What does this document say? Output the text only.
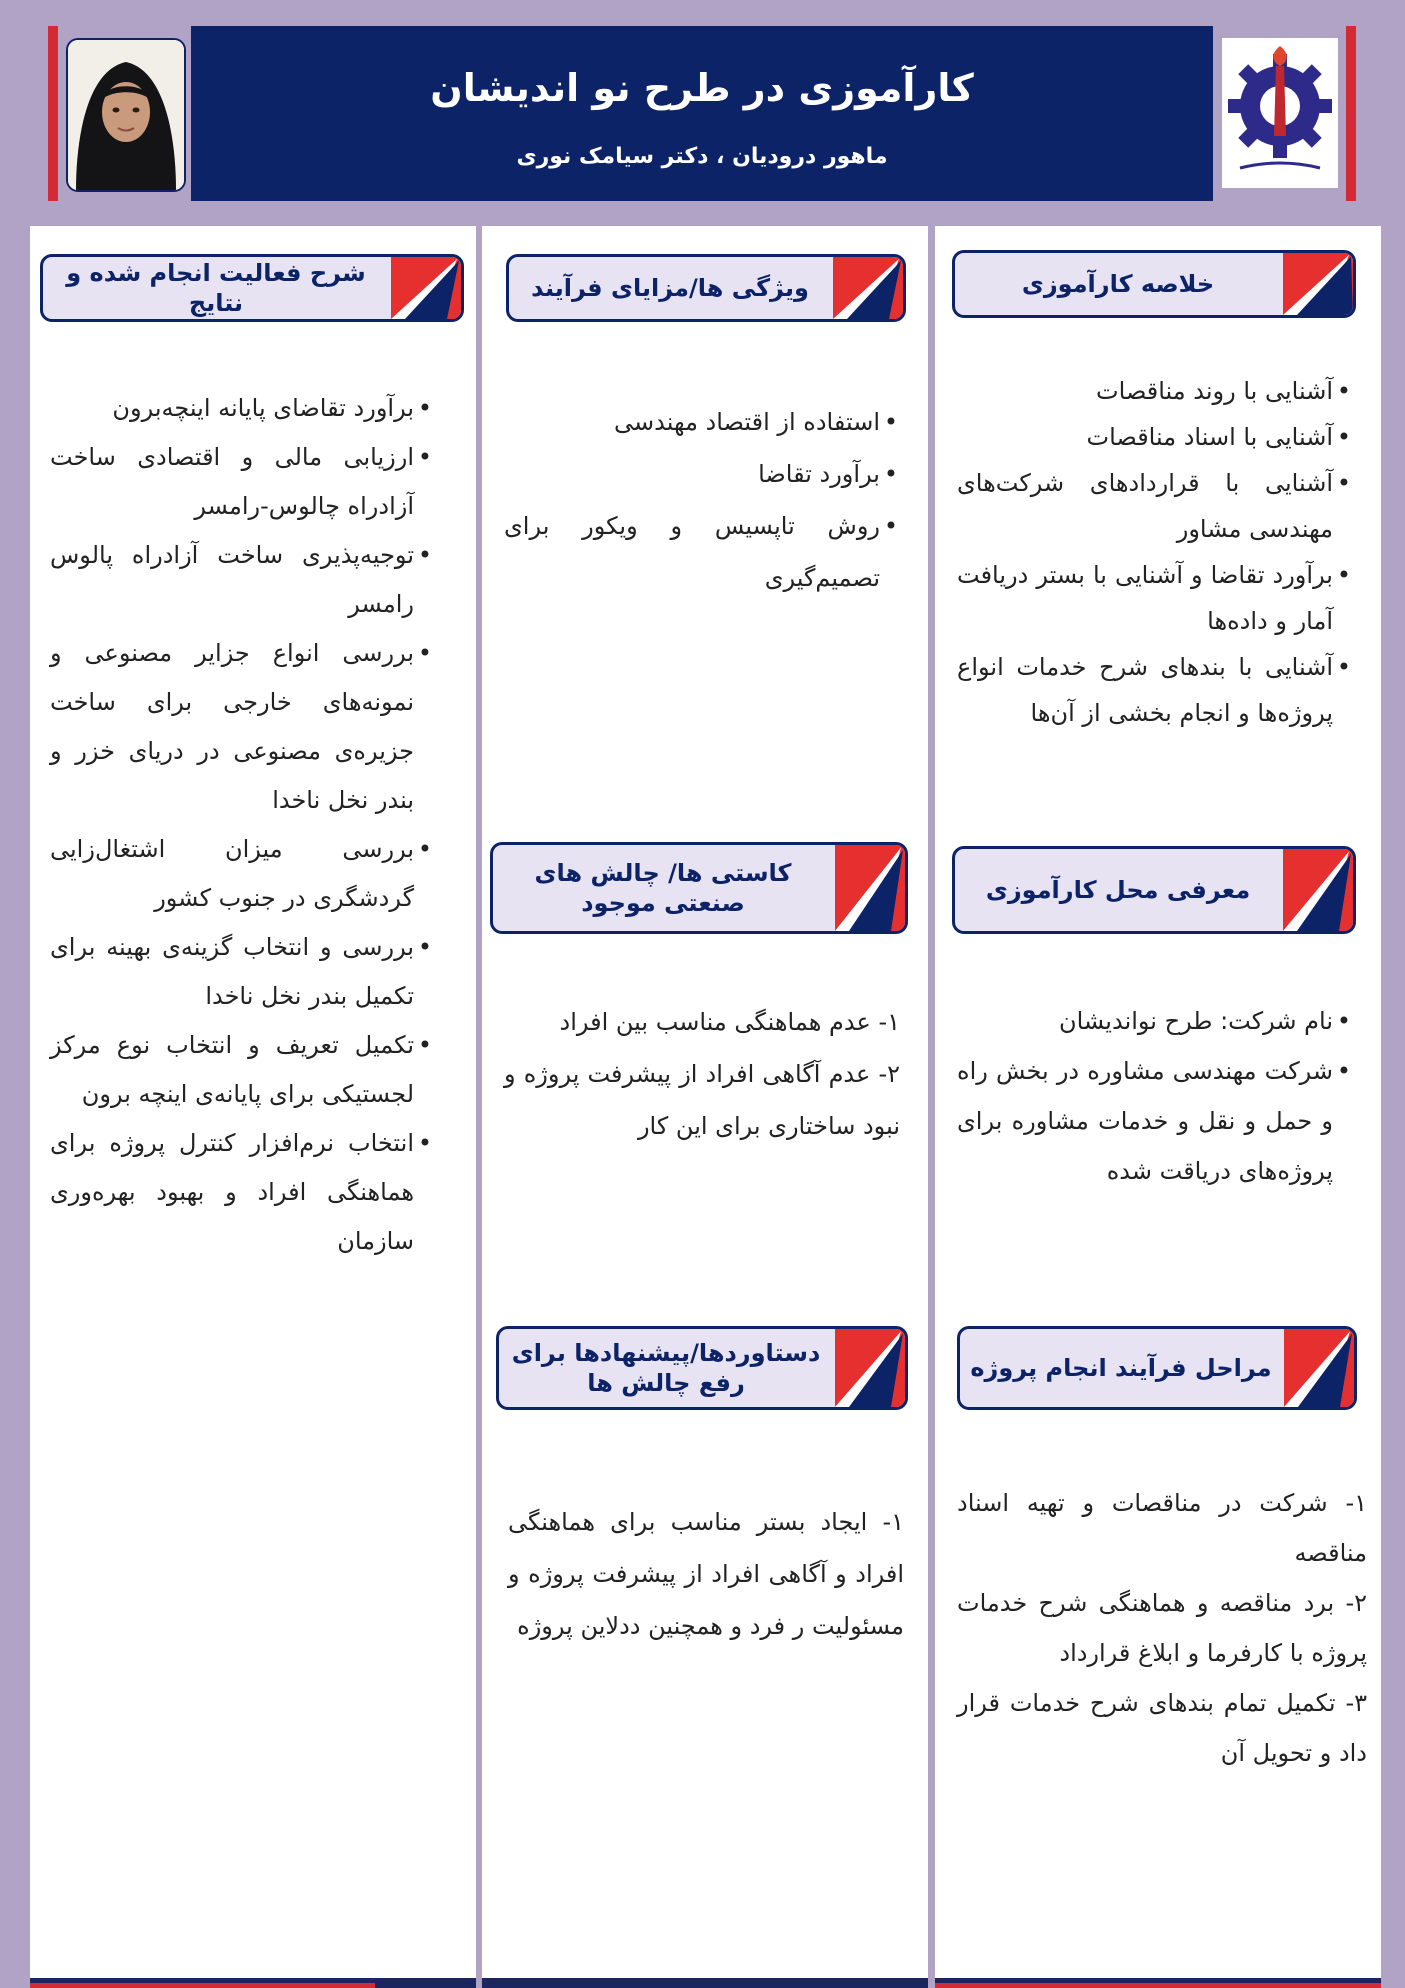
کارآموزی در طرح نو اندیشان
ماهور درودیان ، دکتر سیامک نوری
خلاصه کارآموزی
• آشنایی با روند مناقصات
• آشنایی با اسناد مناقصات
• آشنایی با قراردادهای شرکت‌های مهندسی مشاور
• برآورد تقاضا و آشنایی با بستر دریافت آمار و داده‌ها
• آشنایی با بندهای شرح خدمات انواع پروژه‌ها و انجام بخشی از آن‌ها
معرفی محل کارآموزی
• نام شرکت: طرح نواندیشان
• شرکت مهندسی مشاوره در بخش راه و حمل و نقل و خدمات مشاوره برای پروژه‌های دریاقت شده
مراحل فرآیند انجام پروژه

۱- شرکت در مناقصات و تهیه اسناد مناقصه

۲- برد مناقصه و هماهنگی شرح خدمات پروژه با کارفرما و ابلاغ قرارداد

۳- تکمیل تمام بندهای شرح خدمات قرار داد و تحویل آن

ویژگی ها/مزایای فرآیند
• استفاده از اقتصاد مهندسی
• برآورد تقاضا
• روش تاپسیس و ویکور برای تصمیم‌گیری
کاستی ها/ چالش های صنعتی موجود

۱- عدم هماهنگی مناسب بین افراد

۲- عدم آگاهی افراد از پیشرفت پروژه و نبود ساختاری برای این کار

دستاوردها/پیشنهادها برای رفع چالش ها

۱- ایجاد بستر مناسب برای هماهنگی افراد و آگاهی افراد از پیشرفت پروژه و مسئولیت ر فرد و همچنین ددلاین پروژه

شرح فعالیت انجام شده و نتایج
• برآورد تقاضای پایانه اینچه‌برون
• ارزیابی مالی و اقتصادی ساخت آزادراه چالوس-رامسر
• توجیه‌پذیری ساخت آزادراه پالوس رامسر
• بررسی انواع جزایر مصنوعی و نمونه‌های خارجی برای ساخت جزیره‌ی مصنوعی در دریای خزر و بندر نخل ناخدا
• بررسی میزان اشتغال‌زایی گردشگری در جنوب کشور
• بررسی و انتخاب گزینه‌ی بهینه برای تکمیل بندر نخل ناخدا
• تکمیل تعریف و انتخاب نوع مرکز لجستیکی برای پایانه‌ی اینچه برون
• انتخاب نرم‌افزار کنترل پروژه برای هماهنگی افراد و بهبود بهره‌وری سازمان
